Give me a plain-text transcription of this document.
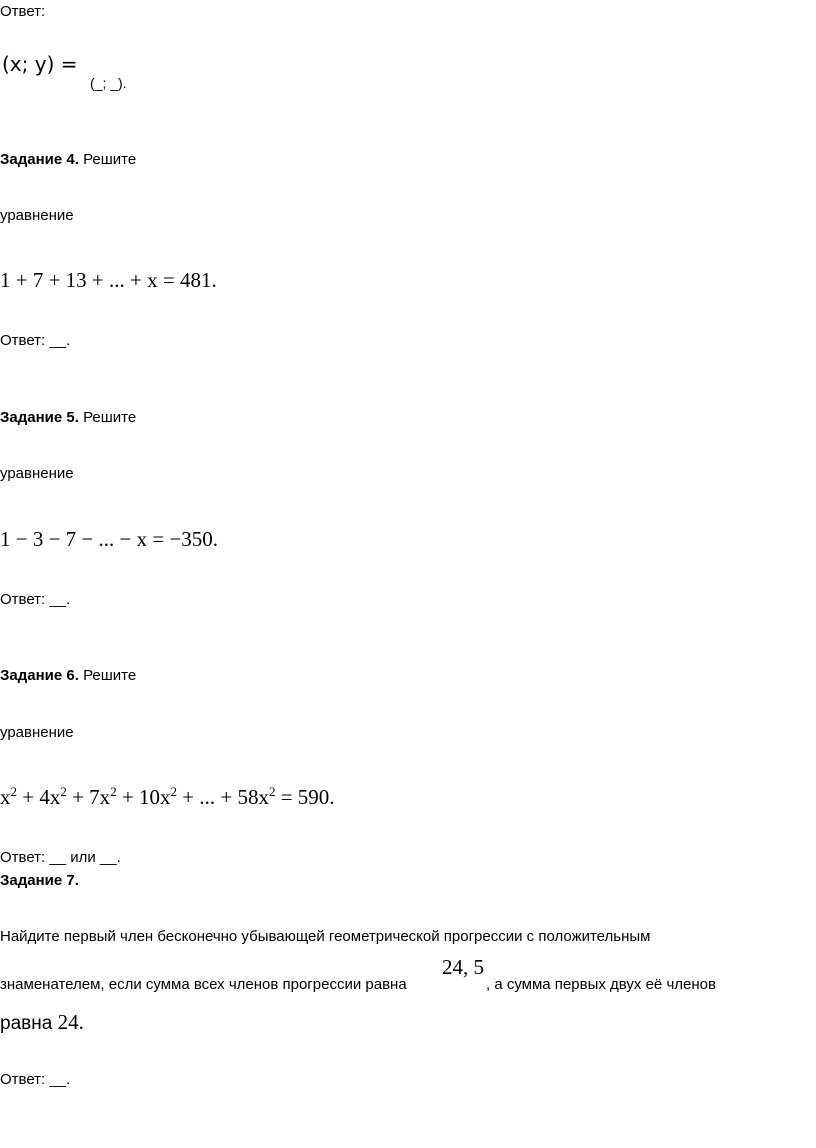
Ответ:
(x; y) =
(_; _).
Задание 4. Решите
уравнение
1 + 7 + 13 + ... + x = 481.
Ответ: __.
Задание 5. Решите
уравнение
1 − 3 − 7 − ... − x = −350.
Ответ: __.
Задание 6. Решите
уравнение
$x^2 + 4x^2 + 7x^2 + 10x^2$ + ... + $58x^2 = 590$.
Ответ: __ или __.
Задание 7.
Найдите первый член бесконечно убывающей геометрической прогрессии с положительным
знаменателем, если сумма всех членов прогрессии равна
24, 5
, а сумма первых двух её членов
равна 24.
Ответ: __.
